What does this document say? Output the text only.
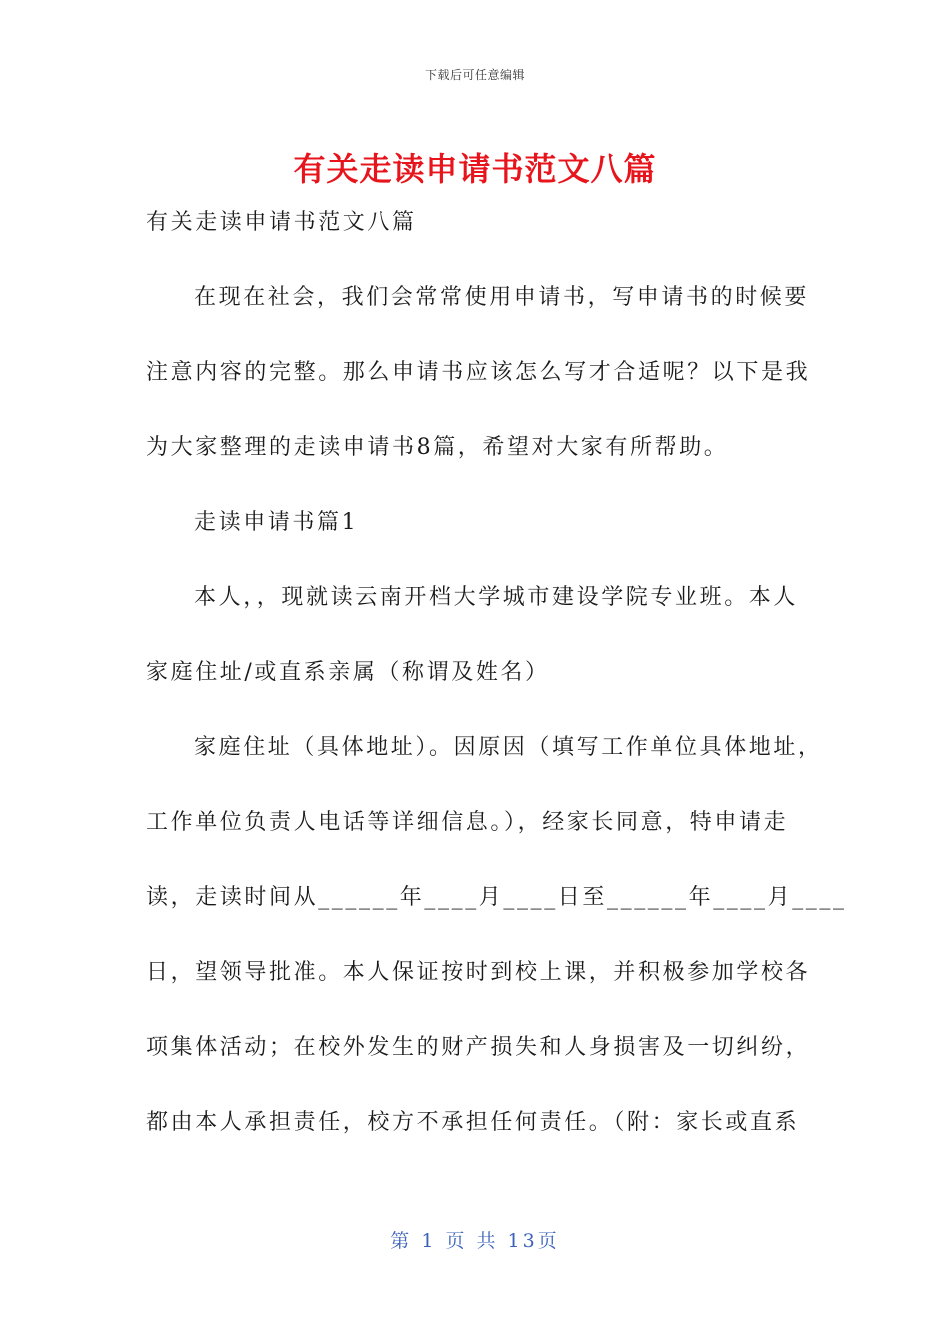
下载后可任意编辑
有关走读申请书范文八篇
有关走读申请书范文八篇
在现在社会，我们会常常使用申请书，写申请书的时候要
注意内容的完整。那么申请书应该怎么写才合适呢？以下是我
为大家整理的走读申请书8篇，希望对大家有所帮助。
走读申请书篇1
本人，，现就读云南开档大学城市建设学院专业班。本人
家庭住址/或直系亲属（称谓及姓名）
家庭住址（具体地址）。因原因（填写工作单位具体地址，
工作单位负责人电话等详细信息。），经家长同意，特申请走
读，走读时间从______年____月____日至______年____月____
日，望领导批准。本人保证按时到校上课，并积极参加学校各
项集体活动；在校外发生的财产损失和人身损害及一切纠纷，
都由本人承担责任，校方不承担任何责任。（附：家长或直系
第 1 页 共 13页
